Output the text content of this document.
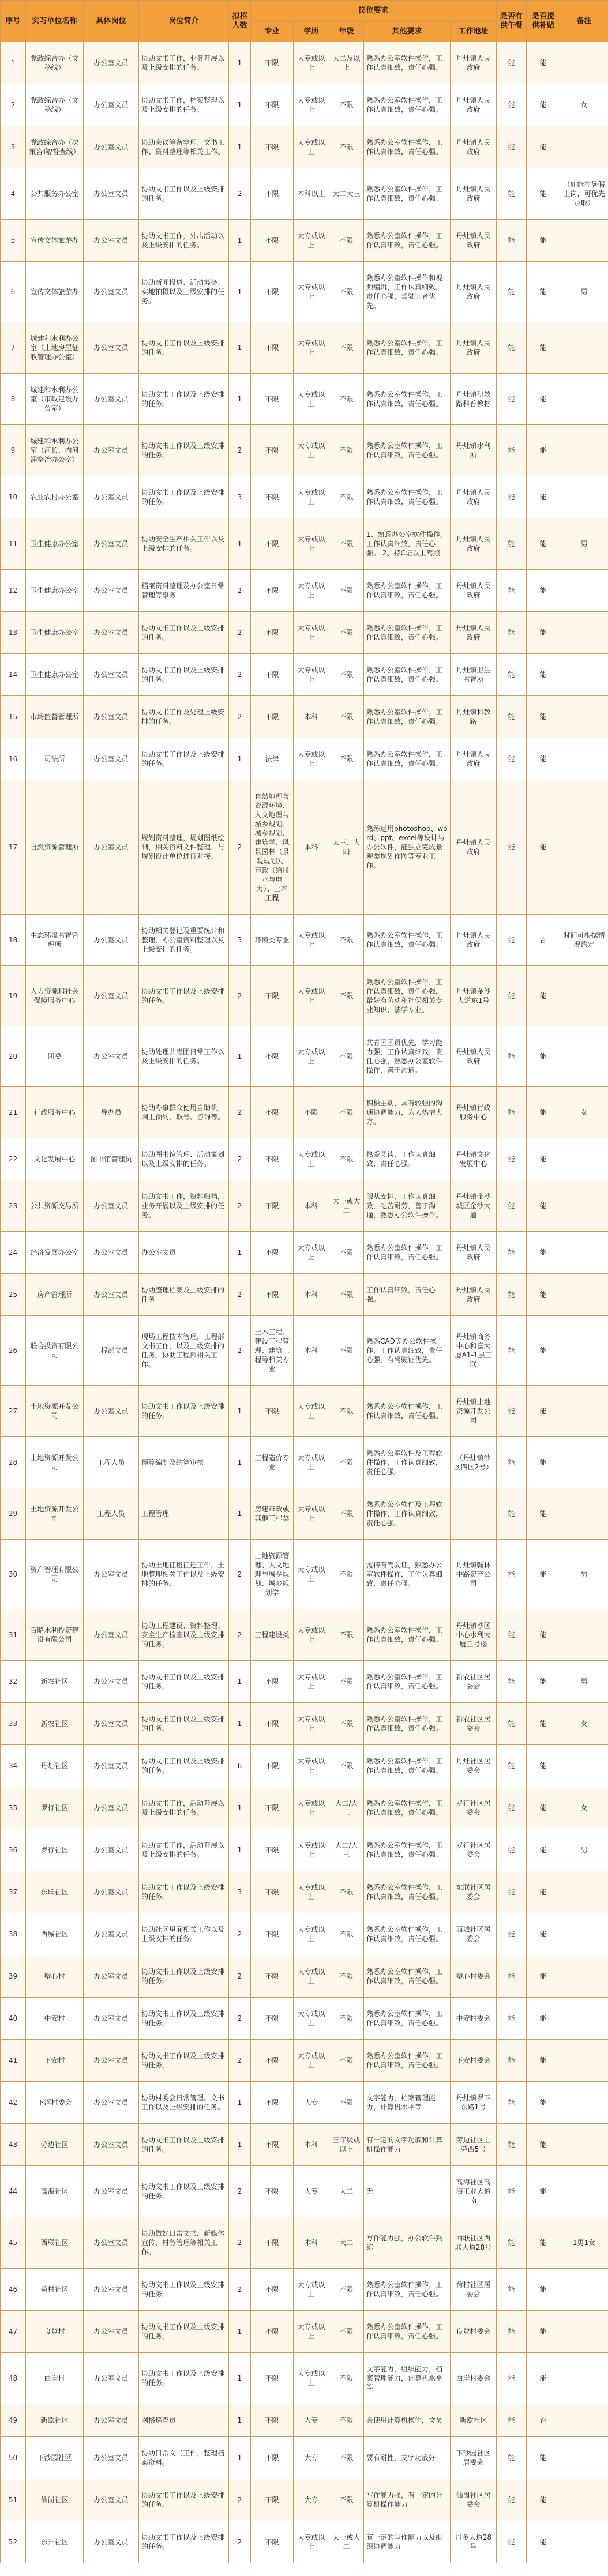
序号	实习单位名称	具体岗位	岗位简介	拟招人数	岗位要求					是否有供午餐	是否提供补贴	备注
					专业	学历	年级	其他要求	工作地址			
1	党政综合办（文秘线）	办公室文员	协助文书工作，业务开展以及上级安排的任务。	1	不限	大专或以上	大二及以上	熟悉办公室软件操作，工作认真细致，责任心强。	丹灶镇人民政府	能	能	
2	党政综合办（文秘线）	办公室文员	协助文书工作，档案整理以及上级安排的任务。	1	不限	大专或以上	不限	熟悉办公室软件操作，工作认真细致，责任心强。	丹灶镇人民政府	能	能	女
3	党政综合办（决策咨询/督查线）	办公室文员	协助会议筹备整理、文书工作、资料整理等相关工作。	1	不限	大专或以上	不限	熟悉办公室软件操作，工作认真细致，责任心强。	丹灶镇人民政府	能	能	
4	公共服务办公室	办公室文员	协助文书工作以及上级安排的任务。	2	不限	本科以上	大二大三	熟悉办公室软件操作，工作认真细致，责任心强。	丹灶镇人民政府	能	能	（如能在暑假上岗，可优先录取）
5	宣传文体旅游办	办公室文员	协助文书工作，外出活动以及上级安排的任务。	1	不限	大专或以上	不限	熟悉办公室软件操作，工作认真细致，责任心强。	丹灶镇人民政府	能	能	
6	宣传文体旅游办	办公室文员	协助新闻报道、活动筹备、实地拍摄以及上级安排的任务。	1	不限	大专或以上	不限	熟悉办公室软件操作和视频编辑，工作认真细致，责任心强，驾驶证者优先。	丹灶镇人民政府	能	能	男
7	城建和水利办公室（土地房屋征收管理办公室）	办公室文员	协助文书工作以及上级安排的任务。	1	不限	大专或以上	不限	熟悉办公室软件操作，工作认真细致，责任心强。	丹灶镇人民政府	能	能	
8	城建和水利办公室（市政建设办公室）	办公室文员	协助文书工作以及上级安排的任务。	1	不限	大专或以上	不限	熟悉办公室软件操作，工作认真细致，责任心强。	丹灶镇研教路科普教材	能	能	
9	城建和水利办公室（河长、内河涌整治办公室）	办公室文员	协助文书工作以及上级安排的任务。	2	不限	大专或以上	不限	熟悉办公室软件操作，工作认真细致，责任心强。	丹灶镇水利所	能	能	
10	农业农村办公室	办公室文员	协助文书工作以及上级安排的任务。	3	不限	大专或以上	不限	熟悉办公室软件操作，工作认真细致，责任心强。	丹灶镇人民政府	能	能	
11	卫生健康办公室	办公室文员	协助安全生产相关工作以及上级安排的任务。	1	不限	大专或以上	不限	1、熟悉办公室软件操作，工作认真细致，责任心强。 2、持C证以上驾照	丹灶镇人民政府	能	能	男
12	卫生健康办公室	办公室文员	档案资料整理及办公室日常管理等事务	2	不限	大专或以上	不限	熟悉办公室软件操作，工作认真细致，责任心强。	丹灶镇人民政府	能	能	
13	卫生健康办公室	办公室文员	协助文书工作以及上级安排的任务。	2	不限	大专或以上	不限	熟悉办公室软件操作，工作认真细致，责任心强。	丹灶镇人民政府	能	能	
14	卫生健康办公室	办公室文员	协助文书工作以及上级安排的任务。	2	不限	大专或以上	不限	熟悉办公室软件操作，工作认真细致，责任心强。	丹灶镇卫生监督所	能	能	
15	市场监督管理所	办公室文员	协助文书工作及处理上级安排的任务。	2	不限	本科	不限	熟悉办公室软件操作，工作认真细致，责任心强。	丹灶镇科教路	能	能	
16	司法所	办公室文员	协助文书工作以及上级安排的任务。	1	法律	大专或以上	不限	熟悉办公室软件操作，工作认真细致，责任心强。	丹灶镇人民政府	能	能	
17	自然资源管理所	办公室文员	规划资料整理，规划图纸绘制，相关资料文件整理，与规划设计单位进行对接。	2	自然地理与资源环境、人文地理与城乡规划、城乡规划、建筑学、风景园林（景观规划）、市政（给排水与电力）、土木工程	本科	大三、大四	熟练运用photoshop、word、ppt、excel等设计与办公软件，能独立完成景观类规划作图等专业工作。	丹灶镇人民政府	能	能	
18	生态环境监督管理所	办公室文员	协助相关登记及重要统计和整理，办公室资料整理以及上级安排的任务。	3	环境类专业	大专或以上	不限	熟悉办公室软件操作，工作认真细致，责任心强。	丹灶镇人民政府	能	否	时间可根据情况约定
19	人力资源和社会保障服务中心	办公室文员	协助文书工作以及上级安排的任务。	2	不限	大专或以上	不限	熟悉办公室软件操作，工作认真细致，责任心强，最好有劳动和社保相关专业知识，法学专业。	丹灶镇金沙大道东1号	能	能	
20	团委	办公室文员	协助处理共青团日常工作以及上级安排的任务。	1	不限	大专或以上	不限	共青团团员优先，学习能力强，工作认真细致，责任心强，熟悉办公室软件操作，善于沟通。	丹灶镇人民政府	能	能	
21	行政服务中心	导办员	协助办事群众使用自助机，网上预约、取号、咨询等。	2	不限	不限	不限	积极主动，具有较强的沟通协调能力，为人热情大方。	丹灶镇行政服务中心	能	能	女
22	文化发展中心	图书馆管理员	协助图书馆管理、活动策划以及上级安排的任务。	2	不限	大专或以上	不限	热爱阅读，工作认真细致，责任心强。	丹灶镇文化发展中心	能	能	
23	公共资源交易所	办公室文员	协助文书工作，资料归档，业务开展以及上级安排的任务。	2	不限	本科	大一或大二	服从安排，工作认真细致，吃苦耐劳，善于沟通，熟悉办公软件操作。	丹灶镇金沙城区金沙大道	能	能	
24	经济发展办公室	办公室文员	办公室文员	1	不限	大专或以上	不限	熟悉办公室软件操作，工作认真细致，责任心强。	丹灶镇人民政府	能	能	
25	房产管理所	办公室文员	协助整理档案及上级安排的任务	2	不限	本科	不限	工作认真细致，责任心强。	丹灶镇人民政府	能	能	
26	联合投资有限公司	工程部文员	现场工程技术管理，工程部文书工作，以及上级安排的任务。协助工程部相关工作。	2	土木工程、建设工程管理、建筑工程等相关专业	本科	不限	熟悉CAD等办公软件操作，工作认真细致，责任心强，有驾驶证优先。	丹灶镇商务中心和富大厦A1-1层三联	能	能	
27	土地资源开发公司	办公室文员	协助文书工作以及上级安排的任务。	1	不限	大专或以上	不限	熟悉办公室软件操作，工作认真细致，责任心强。	丹灶镇土地资源开发公司	能	能	
28	土地资源开发公司	工程人员	预算编制及结算审核	1	工程造价专业	大专或以上	不限	熟悉办公室软件及工程软件操作，工作认真细致，责任心强。	（丹灶镇沙区四区2号）	能	能	
29	土地资源开发公司	工程人员	工程管理	1	房建市政或其他工程类	大专或以上	不限	熟悉办公室软件及工程软件操作，工作认真细致，责任心强。		能	能	
30	资产管理有限公司	办公室文员	协助土地征租征迁工作，土地整理相关工作以及上级安排的任务。	2	土地资源管理、人文地理与城乡规划、城乡规划学	大专或以上	不限	需持有驾驶证，熟悉办公室软件操作，工作认真细致，责任心强。	丹灶镇翰林中路资产公司	能	能	男
31	百略水利投资建设有限公司	办公室文员	协助工程建设、资料整理、安全生产检查以及上级安排的任务。	2	工程建设类	大专或以上	不限	熟悉办公室软件操作，工作认真细致，责任心强。	丹灶镇沙区中心水利大厦三号楼	能	能	
32	新农社区	办公室文员	协助文书工作以及上级安排的任务。	1	不限	大专或以上	不限	熟悉办公室软件操作，工作认真细致，责任心强。	新农社区居委会	能	能	男
33	新农社区	办公室文员	协助文书工作以及上级安排的任务。	1	不限	大专或以上	不限	熟悉办公室软件操作，工作认真细致，责任心强。	新农社区居委会	能	能	女
34	丹灶社区	办公室文员	协助文书工作以及上级安排的任务。	6	不限	大专或以上	不限	熟悉办公室软件操作，工作认真细致，责任心强。	丹灶社区居委会	能	能	
35	罗行社区	办公室文员	协助文书工作，活动开展以及上级安排的任务。	1	不限	大专或以上	大二/大三	熟悉办公室软件操作，工作认真细致，责任心强。	罗行社区居委会	能	能	女
36	罗行社区	办公室文员	协助文书工作，活动开展以及上级安排的任务。	1	不限	大专或以上	大二/大三	熟悉办公室软件操作，工作认真细致，责任心强。	罗行社区居委会	能	能	男
37	东联社区	办公室文员	协助文书工作以及上级安排的任务。	3	不限	大专或以上	不限	熟悉办公室软件操作，工作认真细致，责任心强。	东联社区居委会	能	能	
38	西城社区	办公室文员	协助社区里面相关工作以及上级安排的任务。	2	不限	大专或以上	不限	熟悉办公室软件操作，工作认真细致，责任心强。	西城社区居委会	能	能	
39	塱心村	办公室文员	协助文书工作以及上级安排的任务。	2	不限	大专或以上	不限	熟悉办公室软件操作，工作认真细致，责任心强。	塱心村委会	能	能	
40	中安村	办公室文员	协助文书工作以及上级安排的任务。	2	不限	大专或以上	不限	熟悉办公室软件操作，工作认真细致，责任心强。	中安村委会	能	能	
41	下安村	办公室文员	协助文书工作以及上级安排的任务。	2	不限	大专或以上	不限	熟悉办公室软件操作，工作认真细致，责任心强。	下安村委会	能	能	
42	下滘村委会	办公室文员	协助村委会日常管理、文书工作以及上级安排的任务。	1	不限	大专	不限	文字能力，档案管理能力，计算机水平等	丹灶镇罗下东路1号	能	能	
43	劳边社区	办公室文员	协助文书工作以及上级安排的任务。	1	不限	本科	三年级或以上	有一定的文字功底和计算机操作能力	劳边社区上劳西5号	能	能	
44	高海社区	办公室文员	协助文书工作以及上级安排的任务。	2	不限	大专	大二	无	高海社区高海工业大道南	能	能	
45	西联社区	办公室文员	协助做好日常文书，新媒体宣传，村务管理等相关工作。	2	不限	本科	大二	写作能力强，办公软件熟练	西联社区西联大道28号	能	能	1男1女
46	荷村社区	办公室文员	协助文书工作以及上级安排的任务。	2	不限	大专或以上	不限	熟悉办公室软件操作，工作认真细致，责任心强。	荷村社区居委会	能	能	
47	良登村	办公室文员	协助文书工作以及上级安排的任务。	1	不限	大专或以上	不限	熟悉办公室软件操作，工作认真细致，责任心强。	良登村委会	能	能	
48	西岸村	办公室文员	协助文书工作以及上级安排的任务。	1	不限	大专或以上	不限	文字能力，组织能力，档案管理能力，计算机水平等	西岸村委会	能	能	
49	新欧社区	办公室文员	网格巡查员	1	不限	大专	不限	会使用计算机操作，文员	新欧社区	能	否	
50	下沙园社区	办公室文员	协助日常文书工作，整理档案资料。	1	不限	大专	不限	要有耐性，文字功底好	下沙园社区居委会	能	能	
51	仙岗社区	办公室文员	协助文书工作以及上级安排的任务。	2	不限	大专	不限	写作能力强，有一定的计算机操作能力	仙岗社区居委会	能	能	
52	东升社区	办公室文员	协助文书工作以及上级安排的任务。	2	不限	大专或以上	大一或大二	有一定的写作能力以及组织协调能力	丹金大道28号	能	能	
